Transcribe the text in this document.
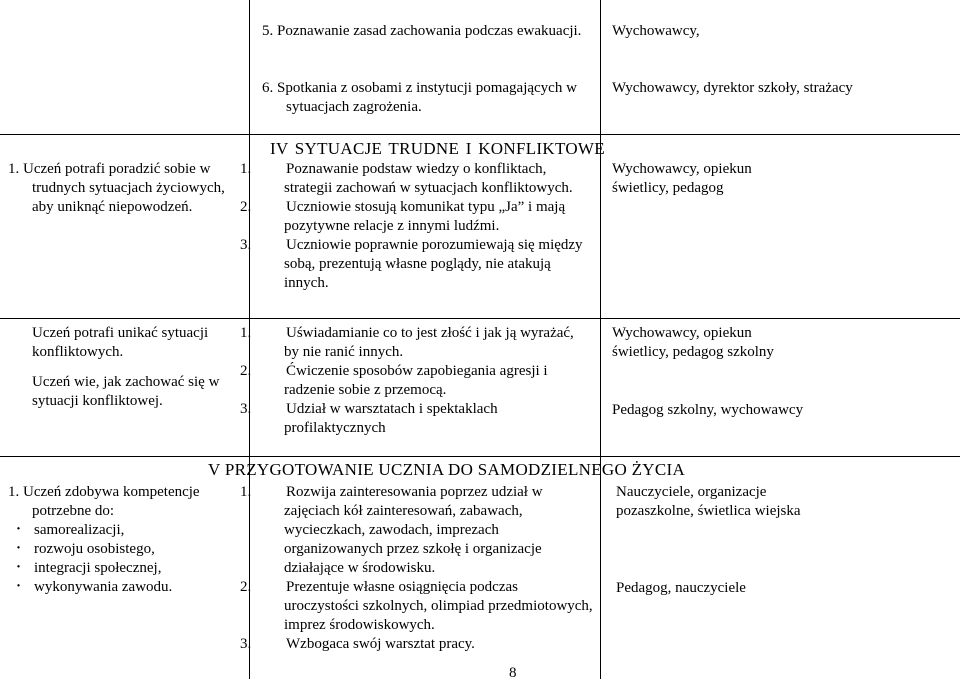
5. Poznawanie zasad zachowania podczas ewakuacji. Wychowawcy,
6. Spotkania z osobami z instytucji pomagających w sytuacjach zagrożenia.
Wychowawcy, dyrektor szkoły, strażacy
IV SYTUACJE TRUDNE I KONFLIKTOWE
1. Uczeń potrafi poradzić sobie w trudnych sytuacjach życiowych, aby uniknąć niepowodzeń.
1. Poznawanie podstaw wiedzy o konfliktach, strategii zachowań w sytuacjach konfliktowych.
2. Uczniowie stosują komunikat typu „Ja” i mają pozytywne relacje z innymi ludźmi.
3. Uczniowie poprawnie porozumiewają się między sobą, prezentują własne poglądy, nie atakują innych.
Wychowawcy, opiekun świetlicy, pedagog
Uczeń potrafi unikać sytuacji konfliktowych.
Uczeń wie, jak zachować się w sytuacji konfliktowej.
1. Uświadamianie co to jest złość i jak ją wyrażać, by nie ranić innych.
2. Ćwiczenie sposobów zapobiegania agresji i radzenie sobie z przemocą.
3. Udział w warsztatach i spektaklach profilaktycznych
Wychowawcy, opiekun świetlicy, pedagog szkolny
Pedagog szkolny, wychowawcy
V PRZYGOTOWANIE UCZNIA DO SAMODZIELNEGO ŻYCIA
1. Uczeń zdobywa kompetencje potrzebne do:
· samorealizacji,
· rozwoju osobistego,
· integracji społecznej,
· wykonywania zawodu.
1. Rozwija zainteresowania poprzez udział w zajęciach kół zainteresowań, zabawach, wycieczkach, zawodach, imprezach organizowanych przez szkołę i organizacje działające w środowisku.
2. Prezentuje własne osiągnięcia podczas uroczystości szkolnych, olimpiad przedmiotowych, imprez środowiskowych.
3. Wzbogaca swój warsztat pracy.
Nauczyciele, organizacje pozaszkolne, świetlica wiejska
Pedagog, nauczyciele
8
